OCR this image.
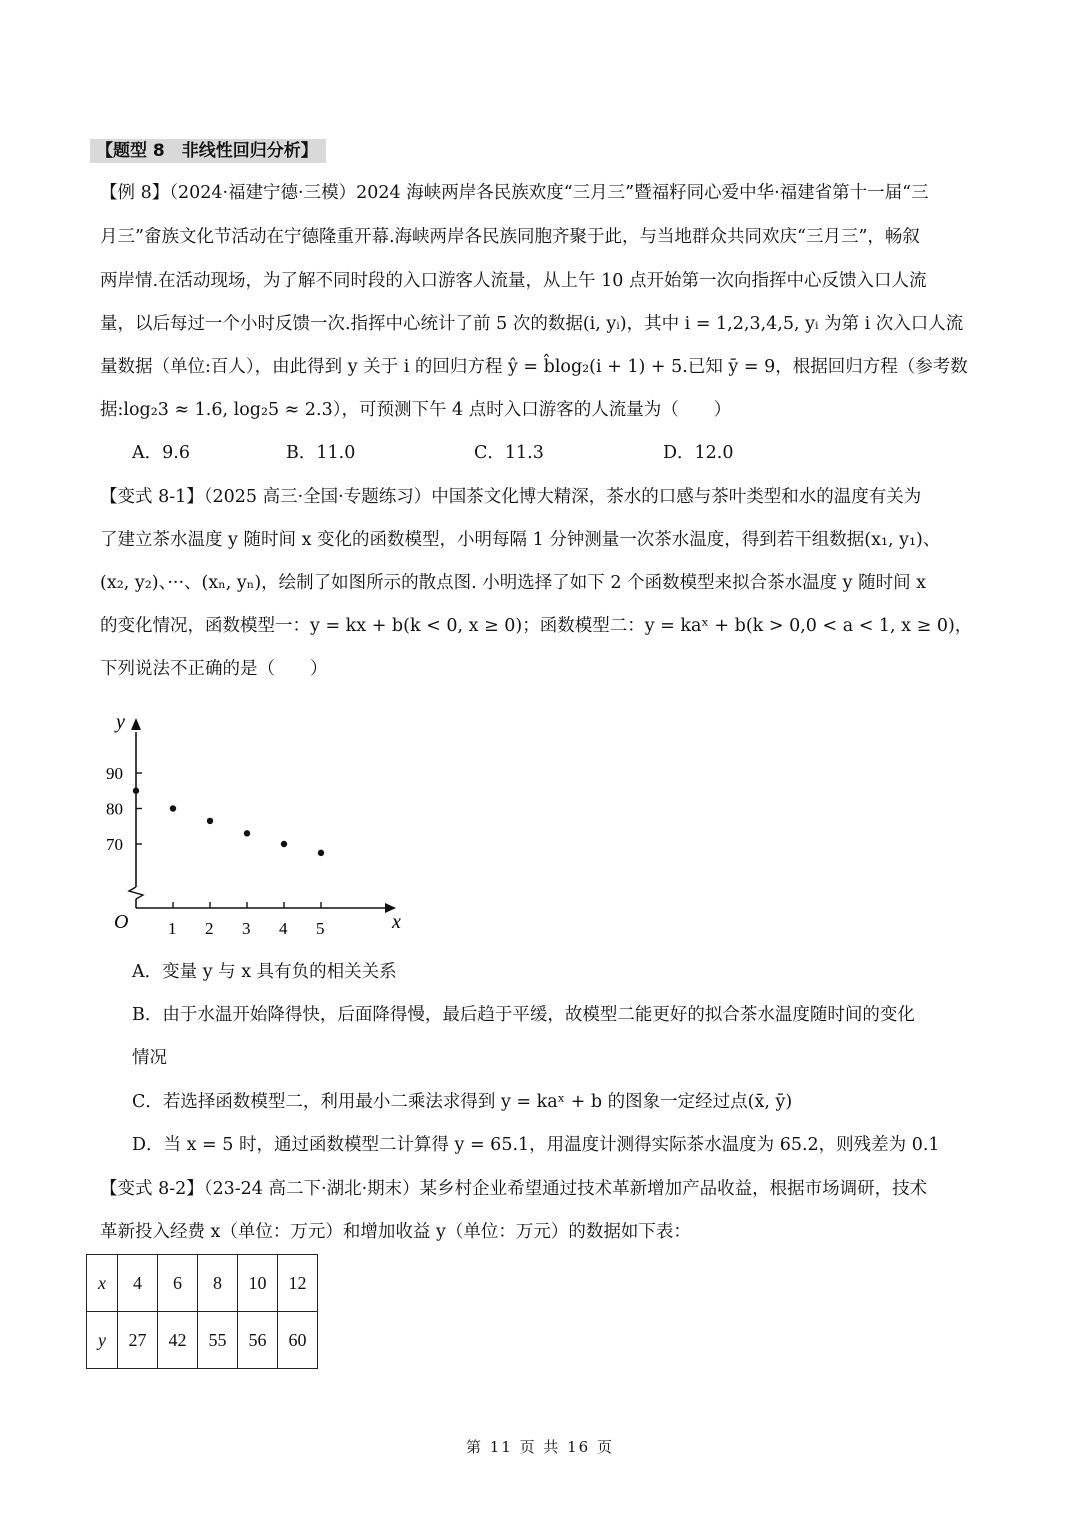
【题型 8　非线性回归分析】
【例 8】（2024·福建宁德·三模）2024 海峡两岸各民族欢度“三月三”暨福籽同心爱中华·福建省第十一届“三
月三”畲族文化节活动在宁德隆重开幕.海峡两岸各民族同胞齐聚于此，与当地群众共同欢庆“三月三”，畅叙
两岸情.在活动现场，为了解不同时段的入口游客人流量，从上午 10 点开始第一次向指挥中心反馈入口人流
量，以后每过一个小时反馈一次.指挥中心统计了前 5 次的数据(i, yᵢ)，其中 i = 1,2,3,4,5, yᵢ 为第 i 次入口人流
量数据（单位:百人），由此得到 y 关于 i 的回归方程 ŷ = b̂log₂(i + 1) + 5.已知 ȳ = 9，根据回归方程（参考数
据:log₂3 ≈ 1.6, log₂5 ≈ 2.3），可预测下午 4 点时入口游客的人流量为（　　）
A．9.6	B．11.0	C．11.3	D．12.0
【变式 8-1】（2025 高三·全国·专题练习）中国茶文化博大精深，茶水的口感与茶叶类型和水的温度有关为
了建立茶水温度 y 随时间 x 变化的函数模型，小明每隔 1 分钟测量一次茶水温度，得到若干组数据(x₁, y₁)、
(x₂, y₂)、···、(xₙ, yₙ)，绘制了如图所示的散点图. 小明选择了如下 2 个函数模型来拟合茶水温度 y 随时间 x
的变化情况，函数模型一：y = kx + b(k < 0, x ≥ 0)；函数模型二：y = kaˣ + b(k > 0,0 < a < 1, x ≥ 0)，
下列说法不正确的是（　　）
y
x
O 1 2 3 4 5
70
80
90
A．变量 y 与 x 具有负的相关关系
B．由于水温开始降得快，后面降得慢，最后趋于平缓，故模型二能更好的拟合茶水温度随时间的变化
情况
C．若选择函数模型二，利用最小二乘法求得到 y = kaˣ + b 的图象一定经过点(x̄, ȳ)
D．当 x = 5 时，通过函数模型二计算得 y = 65.1，用温度计测得实际茶水温度为 65.2，则残差为 0.1
【变式 8-2】（23-24 高二下·湖北·期末）某乡村企业希望通过技术革新增加产品收益，根据市场调研，技术
革新投入经费 x（单位：万元）和增加收益 y（单位：万元）的数据如下表：
x	4	6	8	10	12
y	27	42	55	56	60
第 11 页 共 16 页
